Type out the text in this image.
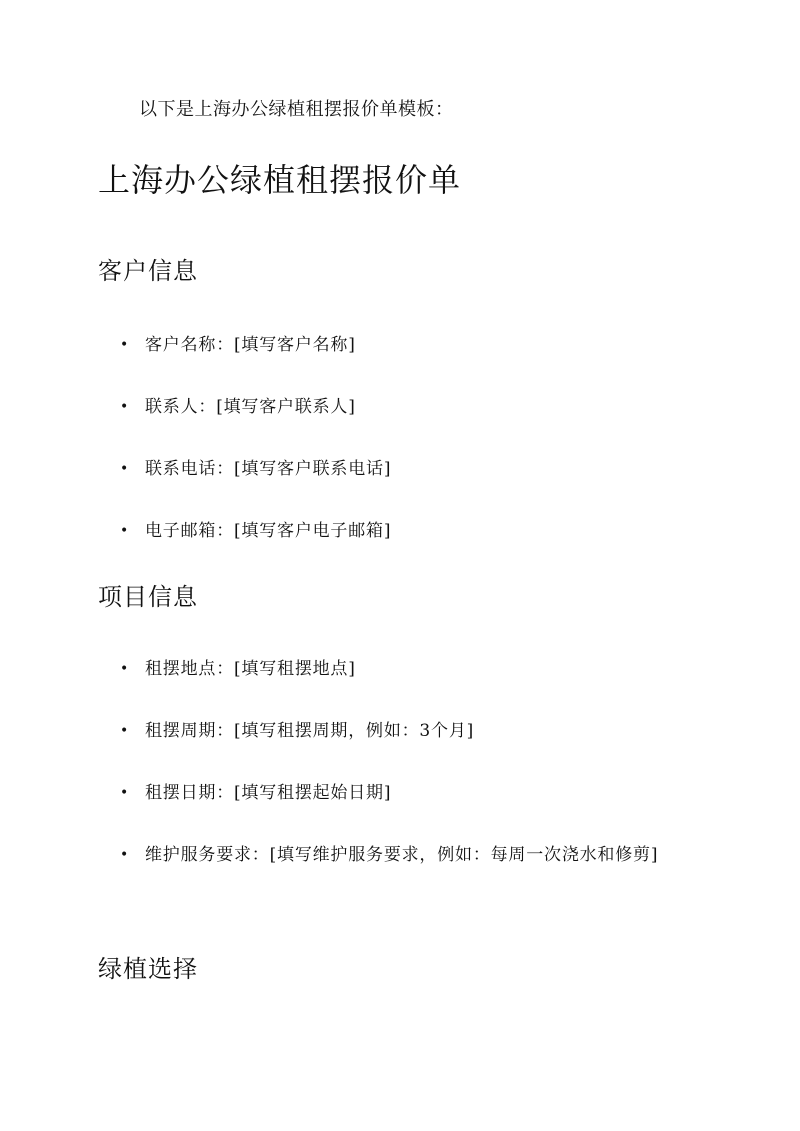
以下是上海办公绿植租摆报价单模板：
上海办公绿植租摆报价单
客户信息
• 客户名称：[填写客户名称]
• 联系人：[填写客户联系人]
• 联系电话：[填写客户联系电话]
• 电子邮箱：[填写客户电子邮箱]
项目信息
• 租摆地点：[填写租摆地点]
• 租摆周期：[填写租摆周期，例如：3个月]
• 租摆日期：[填写租摆起始日期]
• 维护服务要求：[填写维护服务要求，例如：每周一次浇水和修剪]
绿植选择
